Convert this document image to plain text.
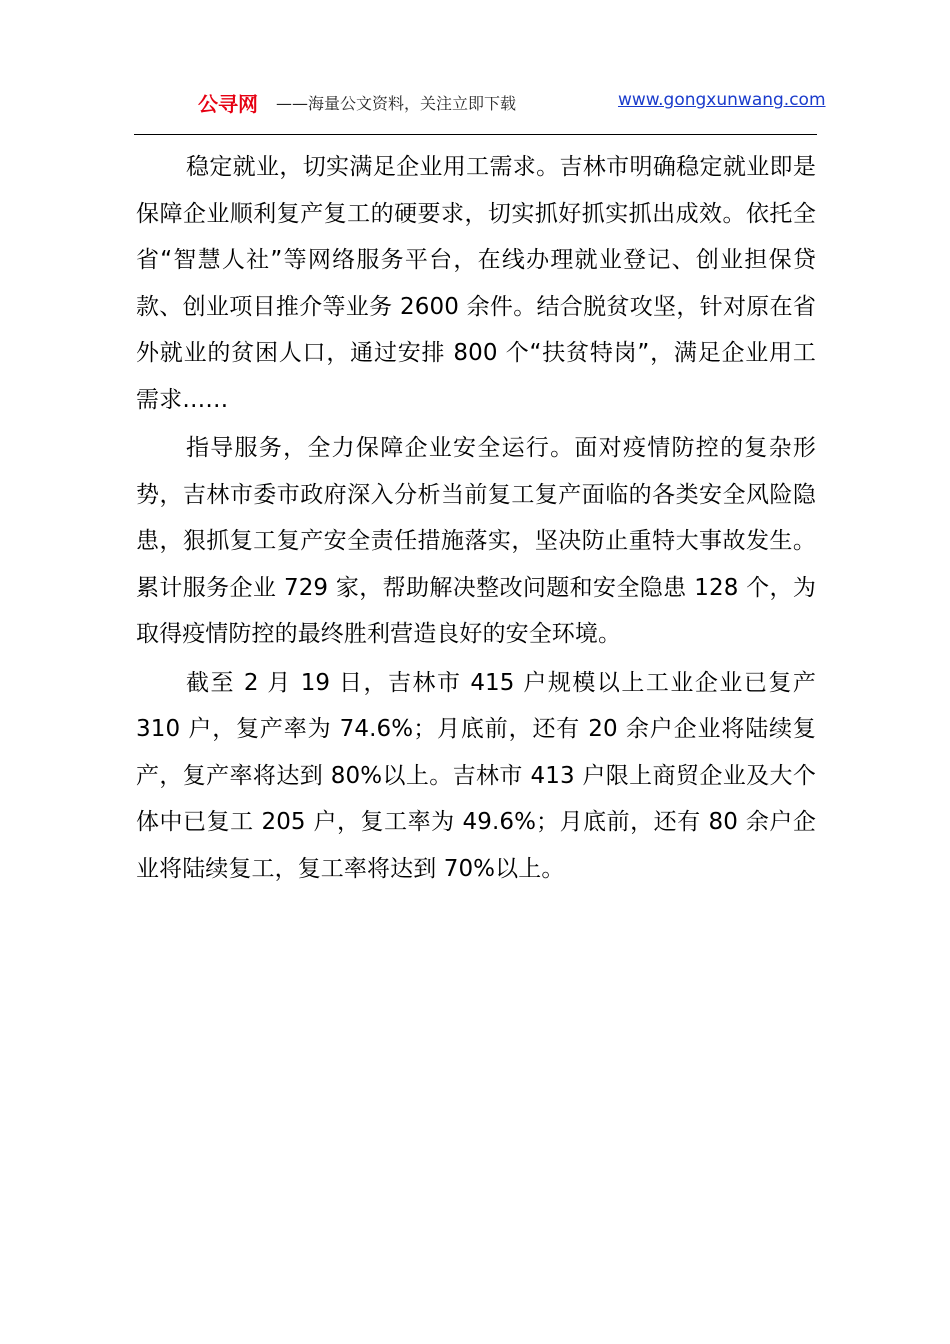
公寻网 ——海量公文资料，关注立即下载	www.gongxunwang.com

稳定就业，切实满足企业用工需求。吉林市明确稳定就业即是保障企业顺利复产复工的硬要求，切实抓好抓实抓出成效。依托全省“智慧人社”等网络服务平台，在线办理就业登记、创业担保贷款、创业项目推介等业务 2600 余件。结合脱贫攻坚，针对原在省外就业的贫困人口，通过安排 800 个“扶贫特岗”，满足企业用工需求……

指导服务，全力保障企业安全运行。面对疫情防控的复杂形势，吉林市委市政府深入分析当前复工复产面临的各类安全风险隐患，狠抓复工复产安全责任措施落实，坚决防止重特大事故发生。累计服务企业 729 家，帮助解决整改问题和安全隐患 128 个，为取得疫情防控的最终胜利营造良好的安全环境。

截至 2 月 19 日，吉林市 415 户规模以上工业企业已复产 310 户，复产率为 74.6%；月底前，还有 20 余户企业将陆续复产，复产率将达到 80%以上。吉林市 413 户限上商贸企业及大个体中已复工 205 户，复工率为 49.6%；月底前，还有 80 余户企业将陆续复工，复工率将达到 70%以上。
